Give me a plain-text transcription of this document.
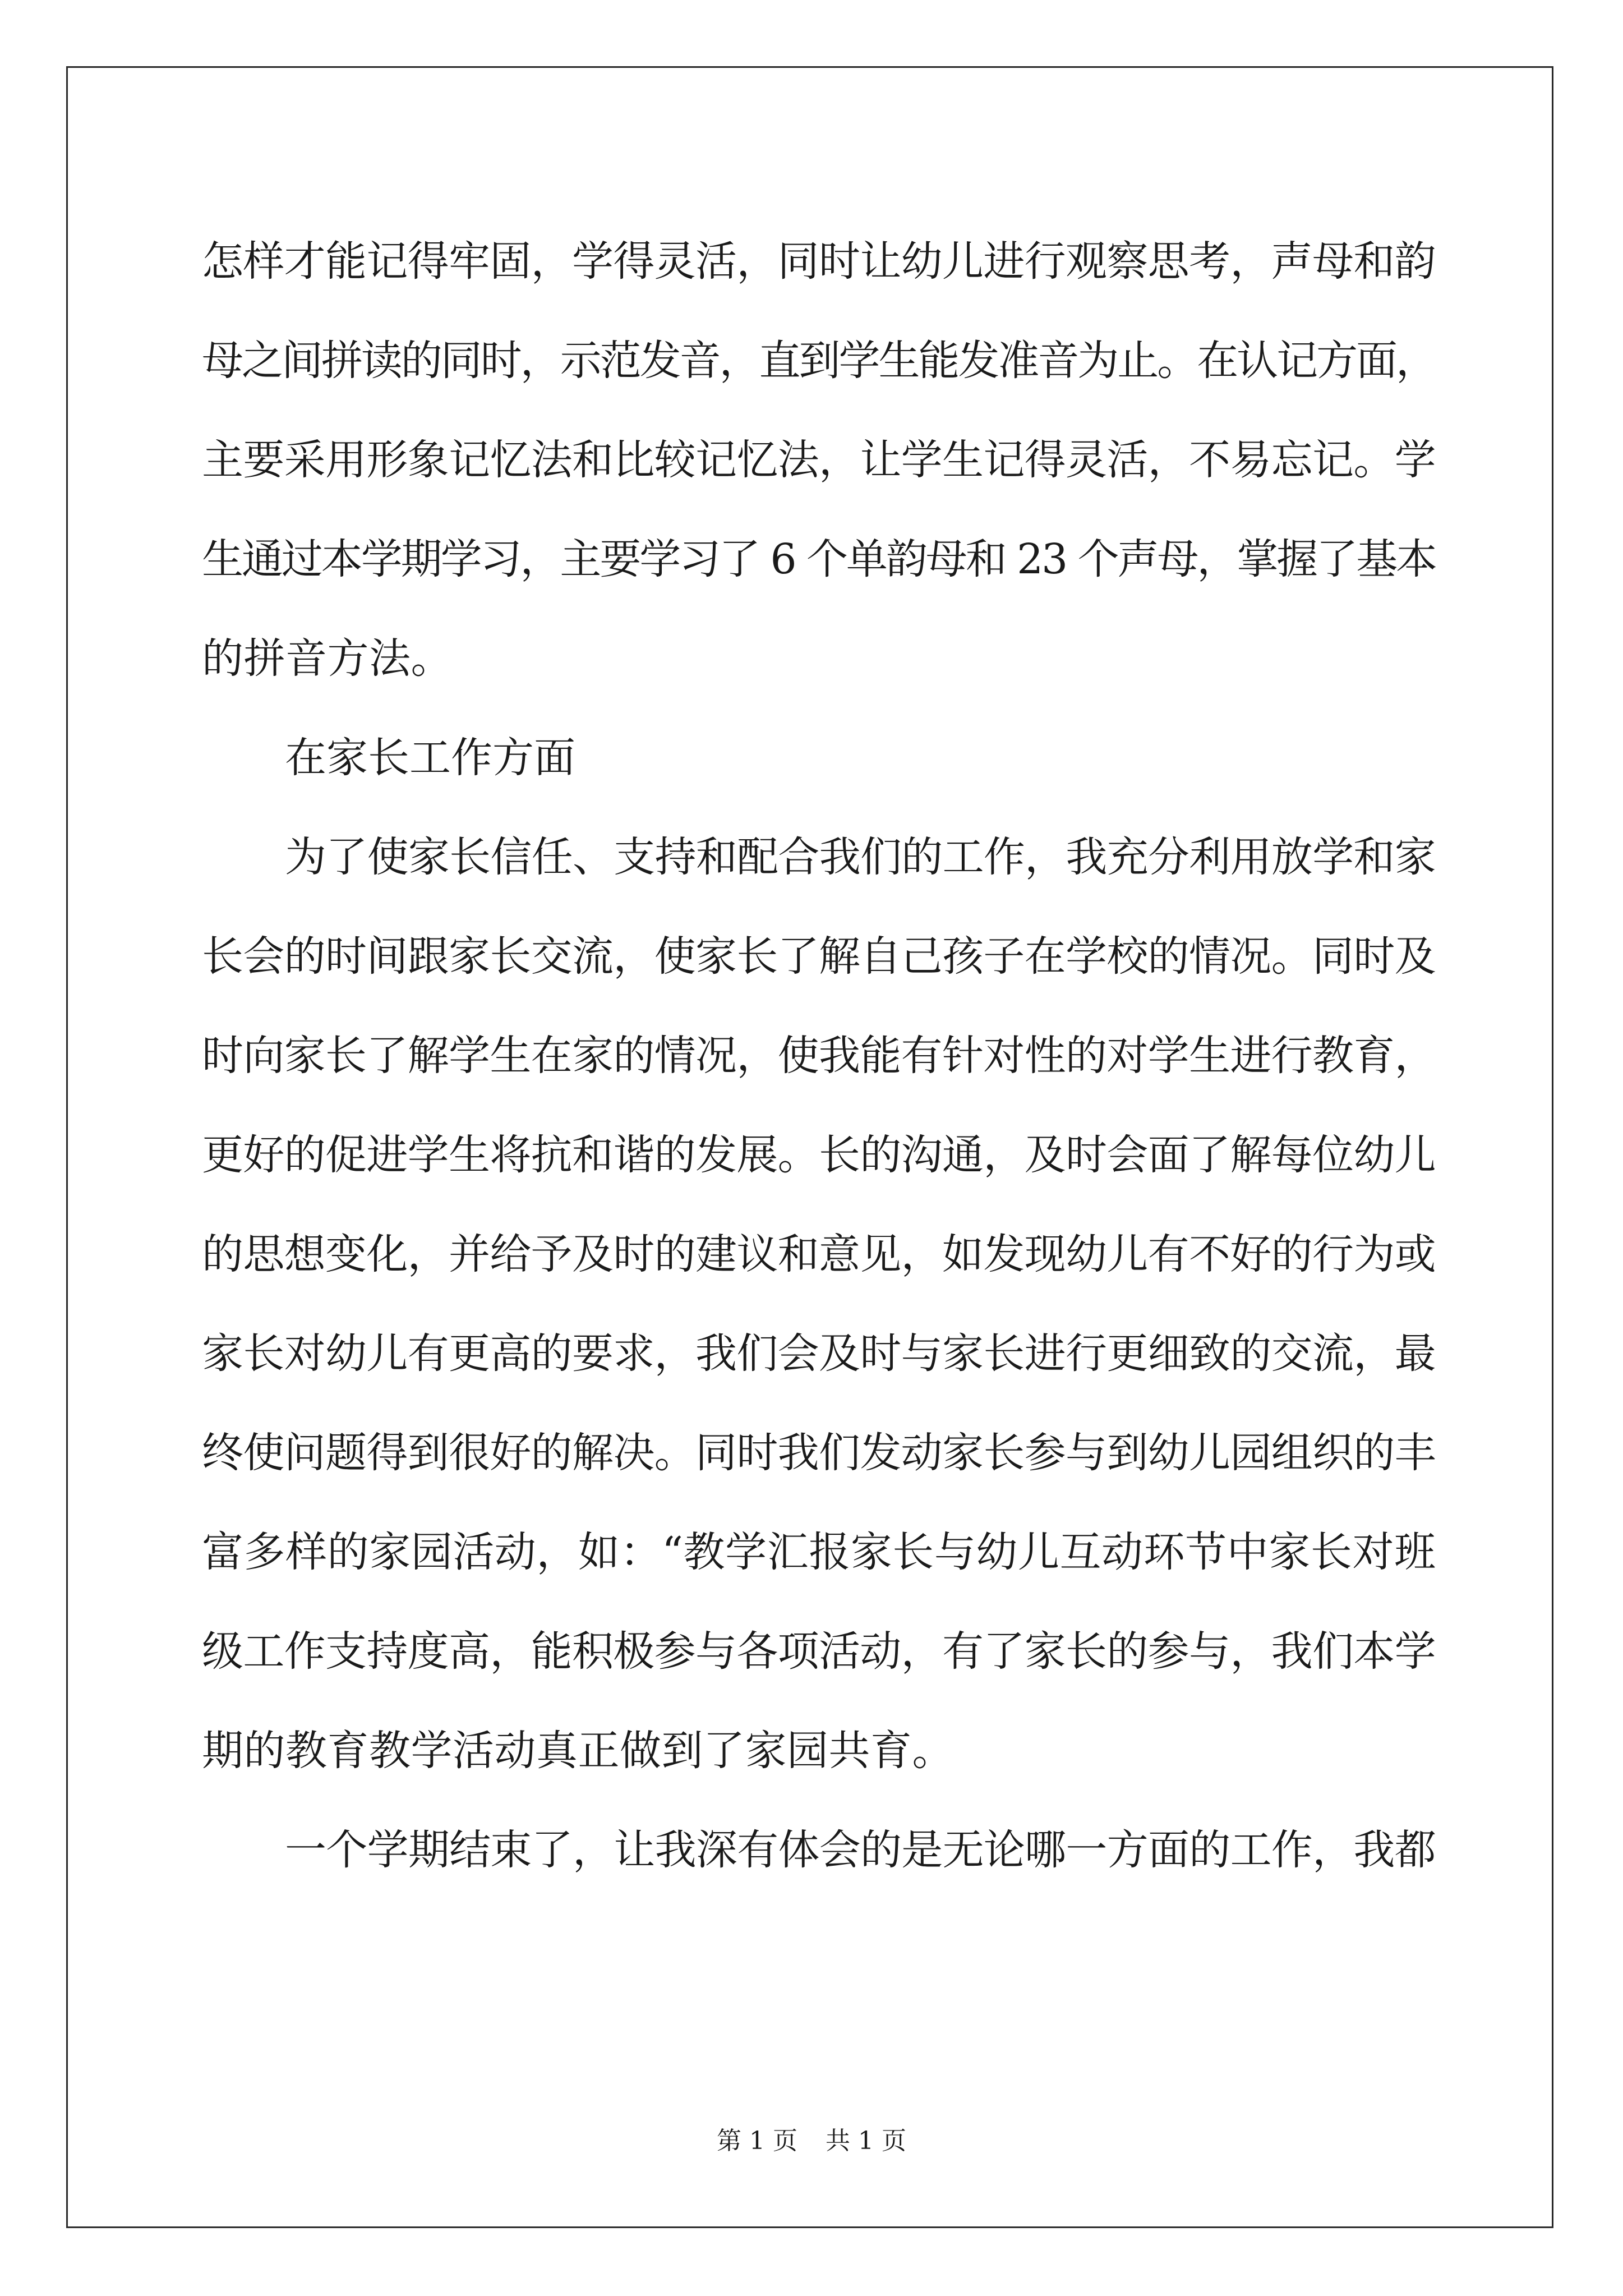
怎样才能记得牢固，学得灵活，同时让幼儿进行观察思考，声母和韵
母之间拼读的同时，示范发音，直到学生能发准音为止。在认记方面，
主要采用形象记忆法和比较记忆法，让学生记得灵活，不易忘记。学
生通过本学期学习，主要学习了 6 个单韵母和 23 个声母，掌握了基本
的拼音方法。
在家长工作方面
为了使家长信任、支持和配合我们的工作，我充分利用放学和家
长会的时间跟家长交流，使家长了解自己孩子在学校的情况。同时及
时向家长了解学生在家的情况，使我能有针对性的对学生进行教育，
更好的促进学生将抗和谐的发展。长的沟通，及时会面了解每位幼儿
的思想变化，并给予及时的建议和意见，如发现幼儿有不好的行为或
家长对幼儿有更高的要求，我们会及时与家长进行更细致的交流，最
终使问题得到很好的解决。同时我们发动家长参与到幼儿园组织的丰
富多样的家园活动，如：“教学汇报家长与幼儿互动环节中家长对班
级工作支持度高，能积极参与各项活动，有了家长的参与，我们本学
期的教育教学活动真正做到了家园共育。
一个学期结束了，让我深有体会的是无论哪一方面的工作，我都
第 1 页 共 1 页
